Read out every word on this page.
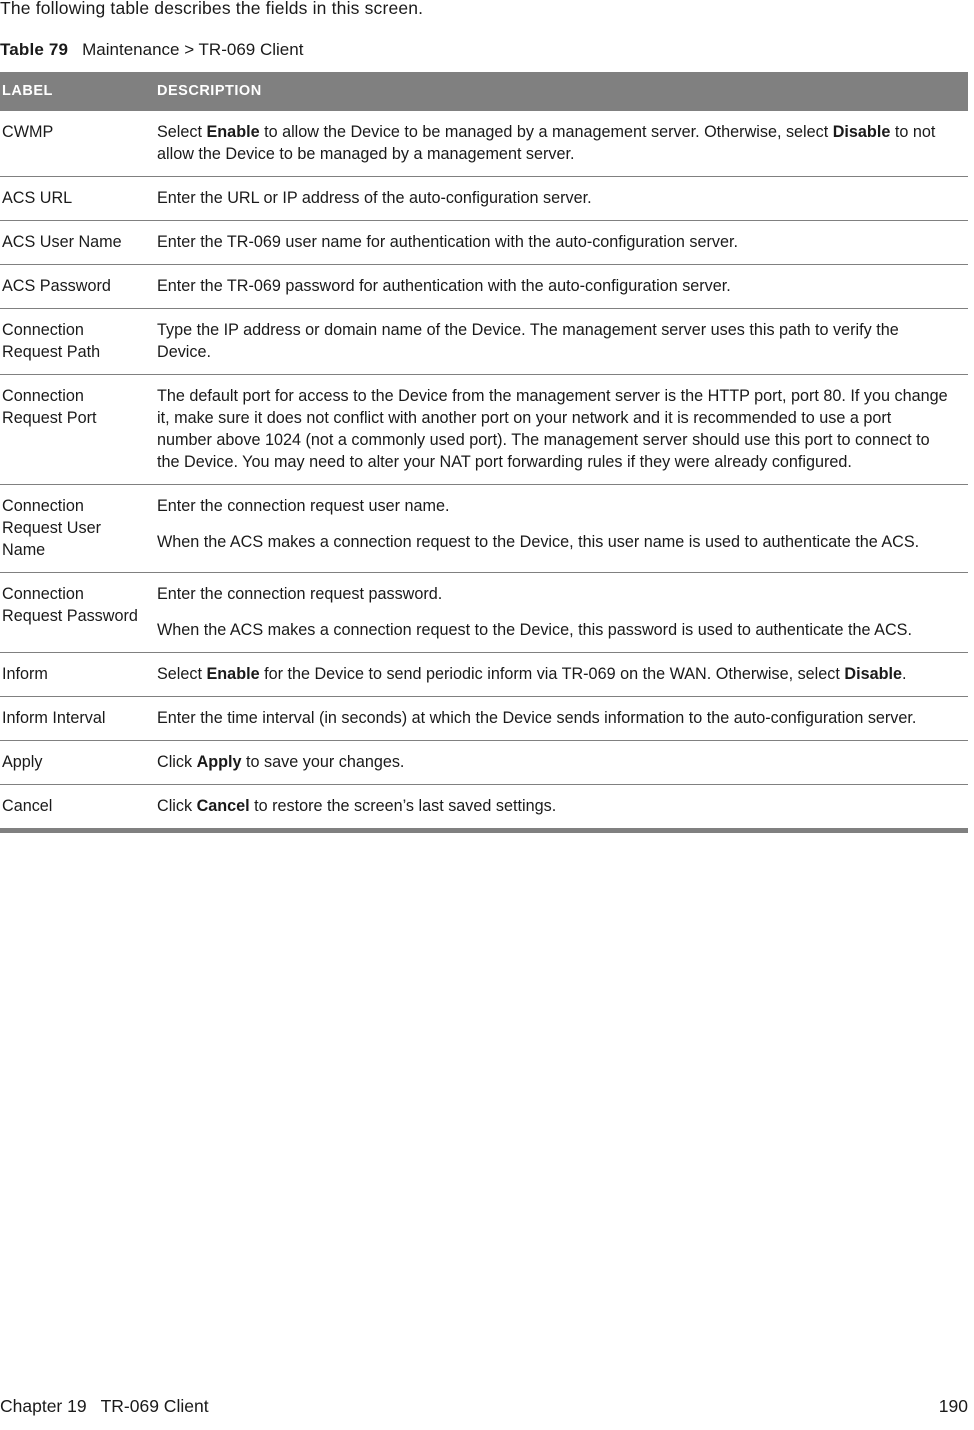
The following table describes the fields in this screen.
Table 79 Maintenance > TR-069 Client
LABEL	DESCRIPTION
CWMP	Select Enable to allow the Device to be managed by a management server. Otherwise, select Disable to not allow the Device to be managed by a management server.
ACS URL	Enter the URL or IP address of the auto-configuration server.
ACS User Name	Enter the TR-069 user name for authentication with the auto-configuration server.
ACS Password	Enter the TR-069 password for authentication with the auto-configuration server.
Connection Request Path	Type the IP address or domain name of the Device. The management server uses this path to verify the Device.
Connection Request Port	The default port for access to the Device from the management server is the HTTP port, port 80. If you change it, make sure it does not conflict with another port on your network and it is recommended to use a port number above 1024 (not a commonly used port). The management server should use this port to connect to the Device. You may need to alter your NAT port forwarding rules if they were already configured.
Connection Request User Name	Enter the connection request user name.

When the ACS makes a connection request to the Device, this user name is used to authenticate the ACS.

Connection Request Password	Enter the connection request password.

When the ACS makes a connection request to the Device, this password is used to authenticate the ACS.

Inform	Select Enable for the Device to send periodic inform via TR-069 on the WAN. Otherwise, select Disable.
Inform Interval	Enter the time interval (in seconds) at which the Device sends information to the auto-configuration server.
Apply	Click Apply to save your changes.
Cancel	Click Cancel to restore the screen’s last saved settings.
Chapter 19 TR-069 Client	190
